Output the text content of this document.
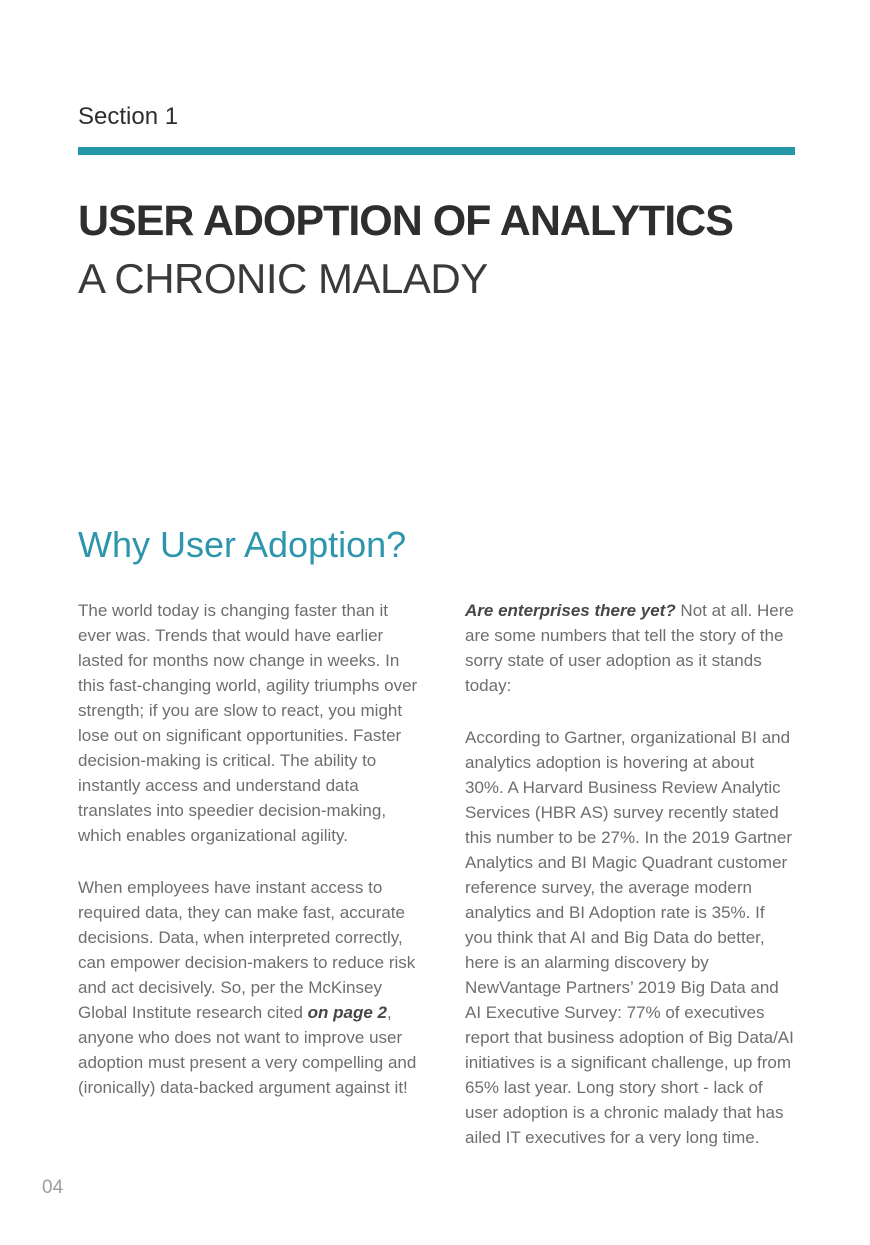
Section 1
USER ADOPTION OF ANALYTICS
A CHRONIC MALADY
Why User Adoption?

The world today is changing faster than it ever was. Trends that would have earlier lasted for months now change in weeks. In this fast-changing world, agility triumphs over strength; if you are slow to react, you might lose out on significant opportunities. Faster decision-making is critical. The ability to instantly access and understand data translates into speedier decision-making, which enables organizational agility.

When employees have instant access to required data, they can make fast, accurate decisions. Data, when interpreted correctly, can empower decision-makers to reduce risk and act decisively. So, per the McKinsey Global Institute research cited on page 2, anyone who does not want to improve user adoption must present a very compelling and (ironically) data-backed argument against it!

Are enterprises there yet? Not at all. Here are some numbers that tell the story of the sorry state of user adoption as it stands today:

According to Gartner, organizational BI and analytics adoption is hovering at about 30%. A Harvard Business Review Analytic Services (HBR AS) survey recently stated this number to be 27%. In the 2019 Gartner Analytics and BI Magic Quadrant customer reference survey, the average modern analytics and BI Adoption rate is 35%. If you think that AI and Big Data do better, here is an alarming discovery by NewVantage Partners’ 2019 Big Data and AI Executive Survey: 77% of executives report that business adoption of Big Data/AI initiatives is a significant challenge, up from 65% last year. Long story short - lack of user adoption is a chronic malady that has ailed IT executives for a very long time.

04
